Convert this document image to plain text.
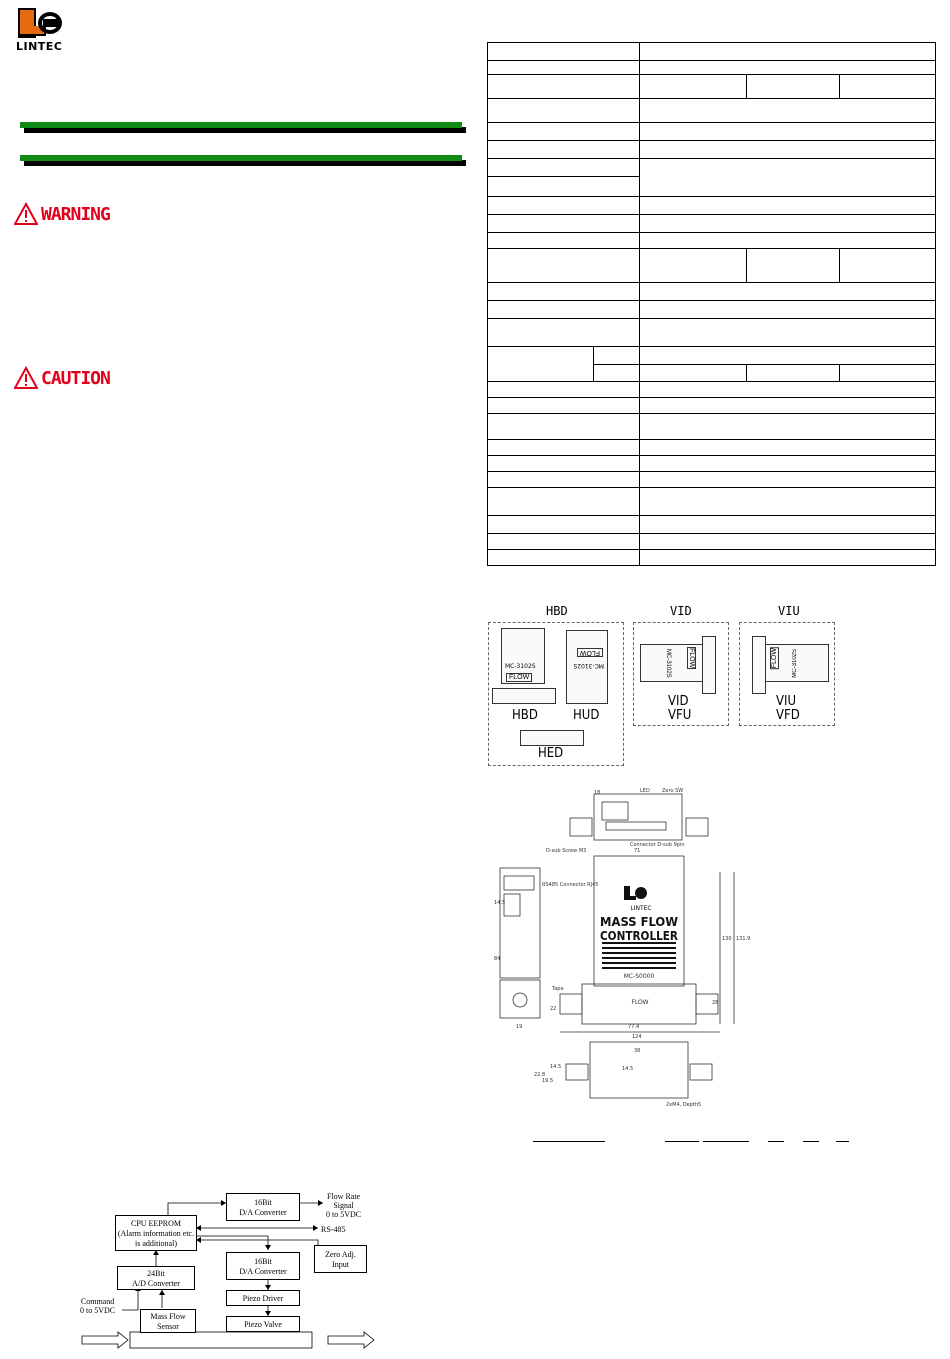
LINTEC
WARNING
CAUTION

HBD	VID	VIU
MC-3102S
FLOW
MC-3102S
FLOW
HBD	HUD
HED
MC-3102S FLOW
VID
VFU
FLOW MC-3102S
VIU
VFD
LINTEC
MASS FLOW
CONTROLLER
MC-S0000
FLOW
LED Zero SW
Connector D-sub 9pin
D-sub Screw M3
RS485 Connector RJ45
Tape
2xM4, Depth5
18
71
14.5
84
19	77.4
124
130 131.9
28
22
38
14.5
14.5
19.5
22.8
16Bit
D/A Converter
CPU EEPROM
(Alarm information etc.
is additional)
Flow Rate
Signal
0 to 5VDC
RS-485
16Bit
D/A Converter
Zero Adj.
Input
24Bit
A/D Converter
Piezo Driver
Command
0 to 5VDC
Mass Flow
Sensor	Piezo Valve
